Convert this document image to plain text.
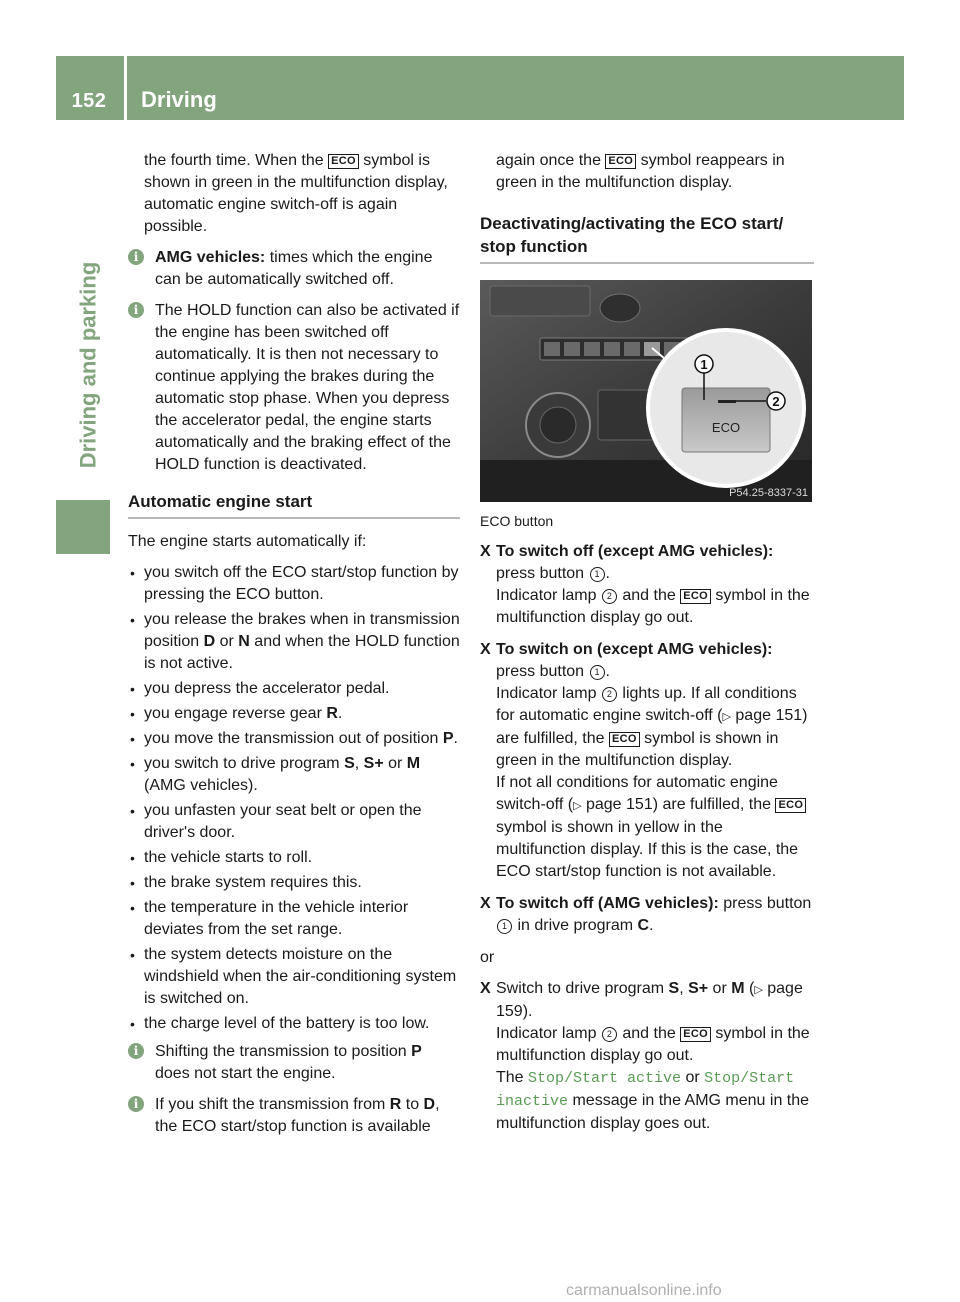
152	Driving
Driving and parking

the fourth time. When the ECO symbol is shown in green in the multifunction display, automatic engine switch-off is again possible.

i	AMG vehicles: times which the engine can be automatically switched off.
i	The HOLD function can also be activated if the engine has been switched off automatically. It is then not necessary to continue applying the brakes during the automatic stop phase. When you depress the accelerator pedal, the engine starts automatically and the braking effect of the HOLD function is deactivated.
Automatic engine start

The engine starts automatically if:

• you switch off the ECO start/stop function by pressing the ECO button.
• you release the brakes when in transmission position D or N and when the HOLD function is not active.
• you depress the accelerator pedal.
• you engage reverse gear R.
• you move the transmission out of position P.
• you switch to drive program S, S+ or M (AMG vehicles).
• you unfasten your seat belt or open the driver's door.
• the vehicle starts to roll.
• the brake system requires this.
• the temperature in the vehicle interior deviates from the set range.
• the system detects moisture on the windshield when the air-conditioning system is switched on.
• the charge level of the battery is too low.
i	Shifting the transmission to position P does not start the engine.
i	If you shift the transmission from R to D, the ECO start/stop function is available

again once the ECO symbol reappears in green in the multifunction display.

Deactivating/activating the ECO start/ stop function
ECO
1
2
P54.25-8337-31

ECO button

X To switch off (except AMG vehicles): press button 1 .
Indicator lamp 2 and the ECO symbol in the multifunction display go out.
X To switch on (except AMG vehicles): press button 1 .
Indicator lamp 2 lights up. If all conditions for automatic engine switch-off (▷ page 151) are fulfilled, the ECO symbol is shown in green in the multifunction display.
If not all conditions for automatic engine switch-off (▷ page 151) are fulfilled, the ECO symbol is shown in yellow in the multifunction display. If this is the case, the ECO start/stop function is not available.
X To switch off (AMG vehicles): press button 1 in drive program C.

or

X Switch to drive program S, S+ or M (▷ page 159).
Indicator lamp 2 and the ECO symbol in the multifunction display go out.
The Stop/Start active or Stop/Start inactive message in the AMG menu in the multifunction display goes out.
carmanualsonline.info
